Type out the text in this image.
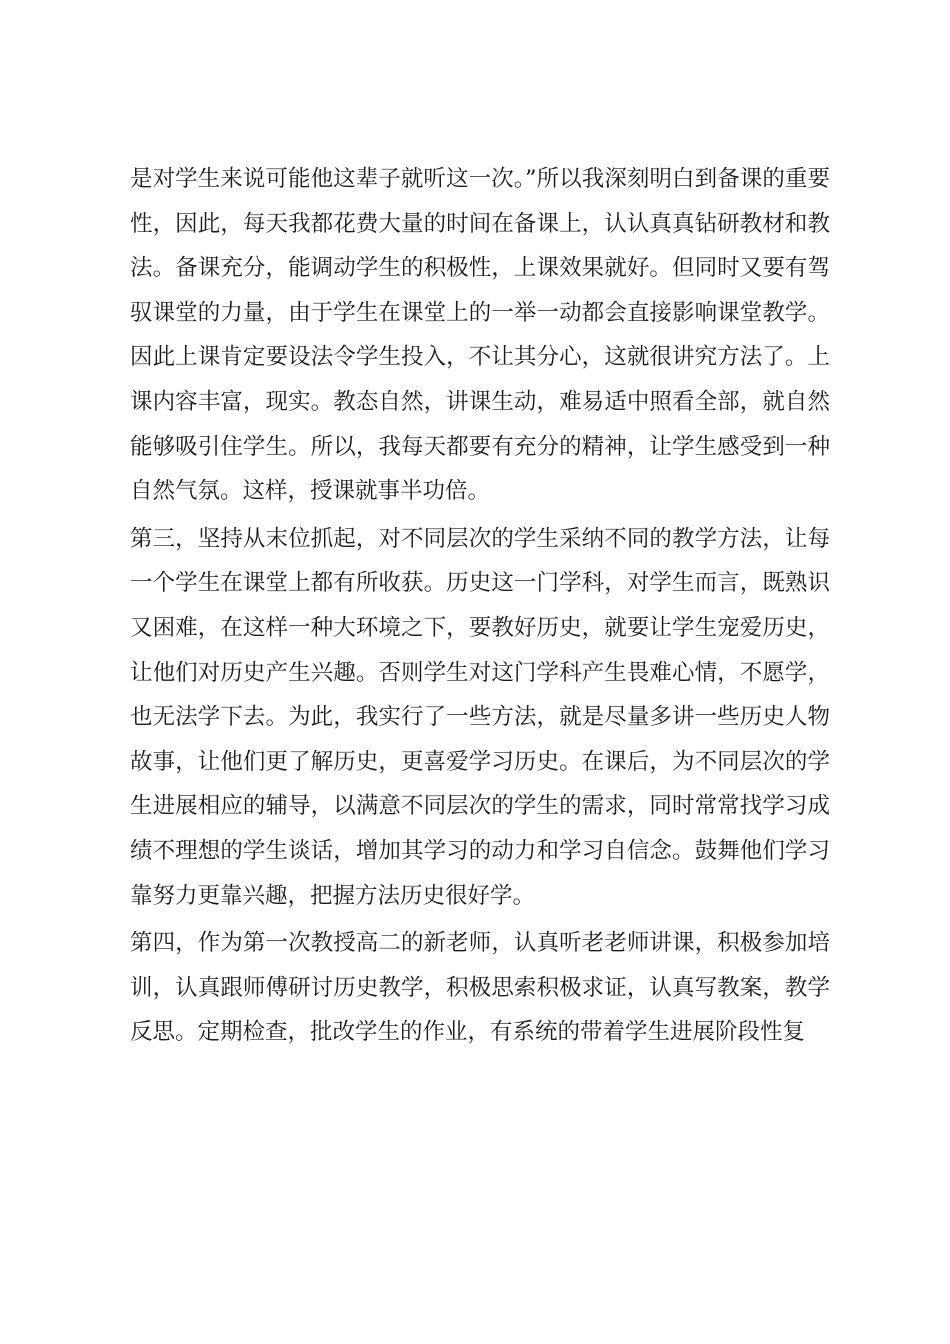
是对学生来说可能他这辈子就听这一次。”所以我深刻明白到备课的重要性，因此，每天我都花费大量的时间在备课上，认认真真钻研教材和教法。备课充分，能调动学生的积极性，上课效果就好。但同时又要有驾驭课堂的力量，由于学生在课堂上的一举一动都会直接影响课堂教学。因此上课肯定要设法令学生投入，不让其分心，这就很讲究方法了。上课内容丰富，现实。教态自然，讲课生动，难易适中照看全部，就自然能够吸引住学生。所以，我每天都要有充分的精神，让学生感受到一种自然气氛。这样，授课就事半功倍。

第三，坚持从末位抓起，对不同层次的学生采纳不同的教学方法，让每一个学生在课堂上都有所收获。历史这一门学科，对学生而言，既熟识又困难，在这样一种大环境之下，要教好历史，就要让学生宠爱历史，让他们对历史产生兴趣。否则学生对这门学科产生畏难心情，不愿学，也无法学下去。为此，我实行了一些方法，就是尽量多讲一些历史人物故事，让他们更了解历史，更喜爱学习历史。在课后，为不同层次的学生进展相应的辅导，以满意不同层次的学生的需求，同时常常找学习成绩不理想的学生谈话，增加其学习的动力和学习自信念。鼓舞他们学习靠努力更靠兴趣，把握方法历史很好学。

第四，作为第一次教授高二的新老师，认真听老老师讲课，积极参加培训，认真跟师傅研讨历史教学，积极思索积极求证，认真写教案，教学反思。定期检查，批改学生的作业，有系统的带着学生进展阶段性复
